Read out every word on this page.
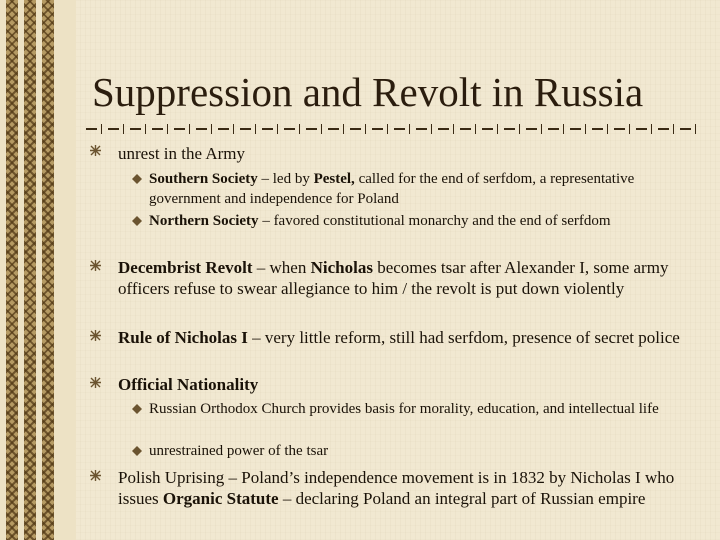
Suppression and Revolt in Russia
unrest in the Army
Southern Society – led by Pestel, called for the end of serfdom, a representative government and independence for Poland
Northern Society – favored constitutional monarchy and the end of serfdom
Decembrist Revolt – when Nicholas becomes tsar after Alexander I, some army officers refuse to swear allegiance to him / the revolt is put down violently
Rule of Nicholas I – very little reform, still had serfdom, presence of secret police
Official Nationality
Russian Orthodox Church provides basis for morality, education, and intellectual life
unrestrained power of the tsar
Polish Uprising – Poland’s independence movement is in 1832 by Nicholas I who issues Organic Statute – declaring Poland an integral part of Russian empire
